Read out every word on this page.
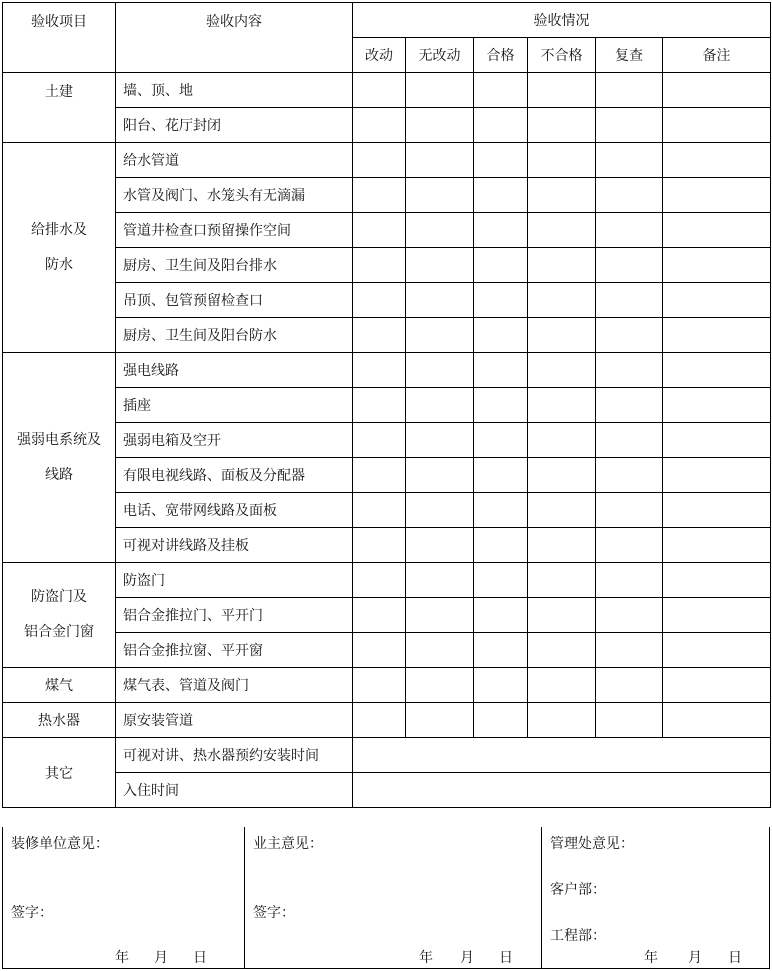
验收项目	验收内容	验收情况					
		改动	无改动	合格	不合格	复查	备注
土建	墙、顶、地						
	阳台、花厅封闭						

给排水及
防水	给水管道						
	水管及阀门、水笼头有无滴漏						
	管道井检查口预留操作空间						
	厨房、卫生间及阳台排水						
	吊顶、包管预留检查口						
	厨房、卫生间及阳台防水						

强弱电系统及
线路	强电线路						
	插座						
	强弱电箱及空开						
	有限电视线路、面板及分配器						
	电话、宽带网线路及面板						
	可视对讲线路及挂板						

防盗门及
铝合金门窗	防盗门						
	铝合金推拉门、平开门						
	铝合金推拉窗、平开窗						
煤气	煤气表、管道及阀门						
热水器	原安装管道						
其它	可视对讲、热水器预约安装时间						
	入住时间						
装修单位意见：
签字：
年 月 日
业主意见：
签字：
年 月 日
管理处意见：
客户部：
工程部：
年 月 日
